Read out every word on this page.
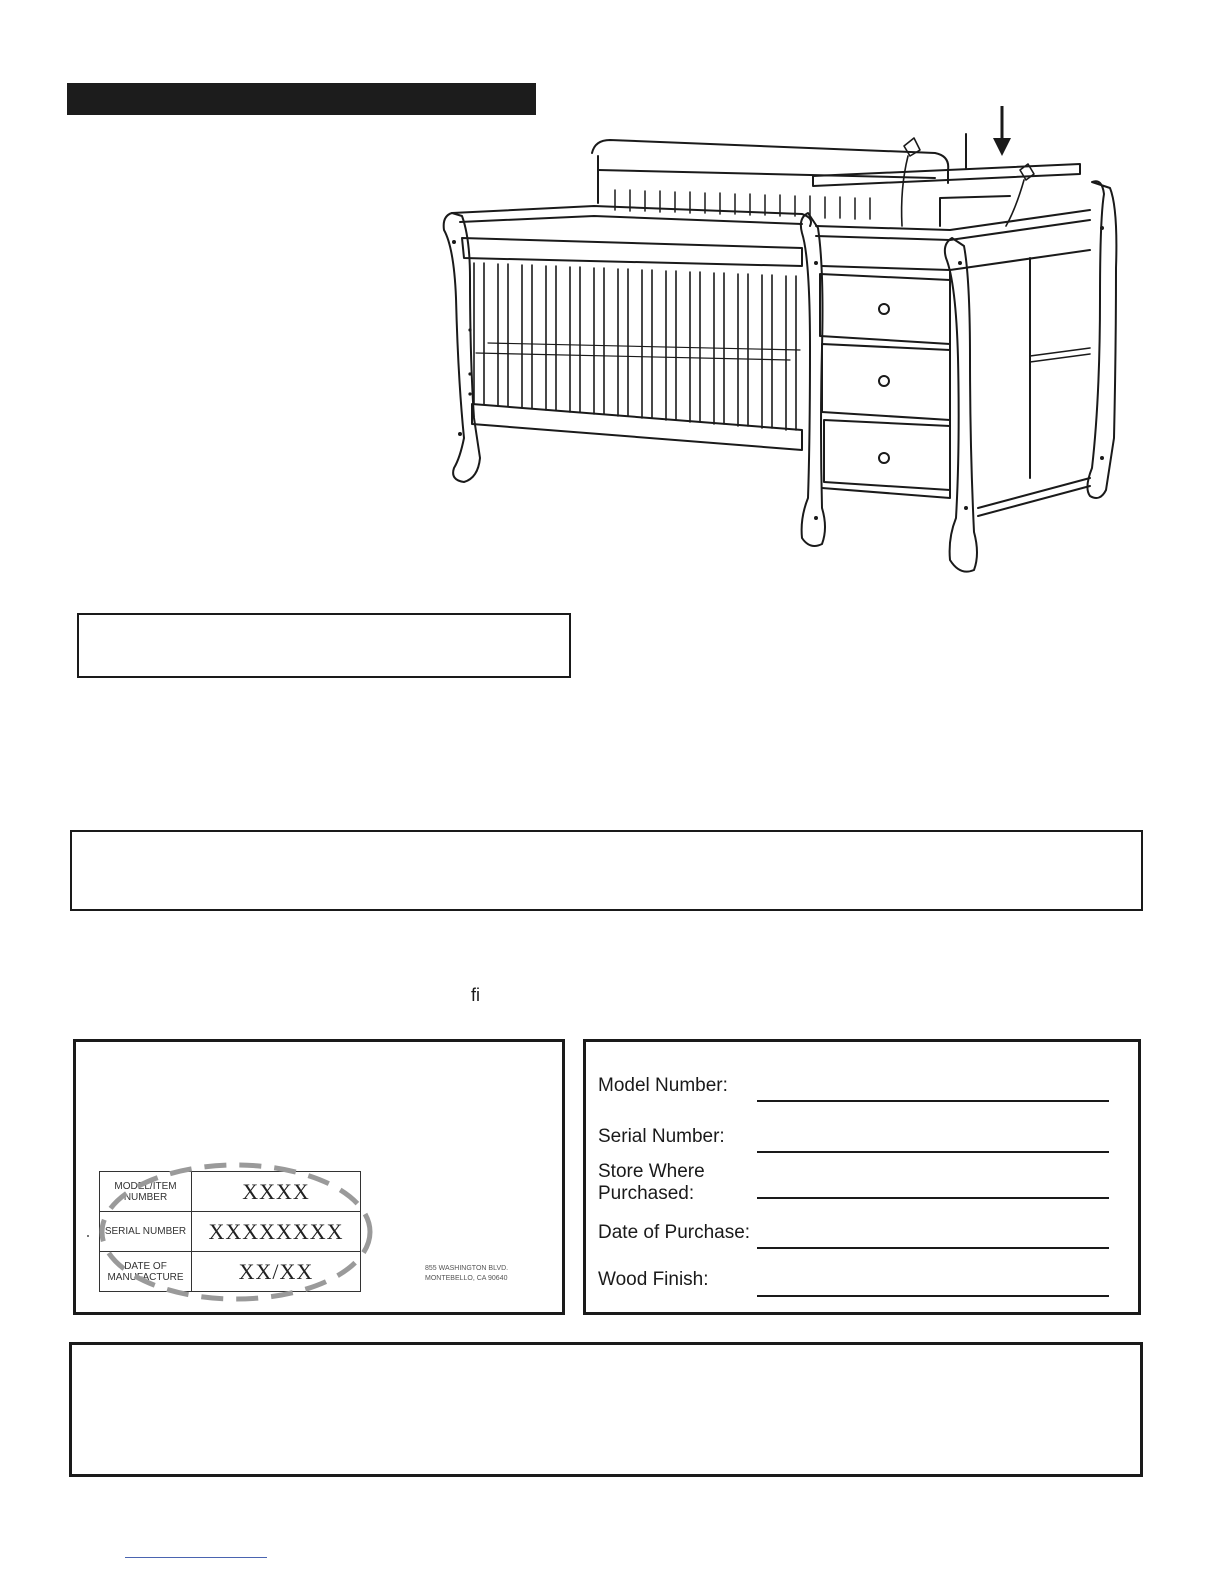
ﬁ
MODEL/ITEM NUMBER	XXXX
SERIAL NUMBER	XXXXXXXX
DATE OF MANUFACTURE	XX/XX	855 WASHINGTON BLVD.
MONTEBELLO, CA 90640
Model Number:
Serial Number:
Store Where
Purchased:
Date of Purchase:
Wood Finish:
